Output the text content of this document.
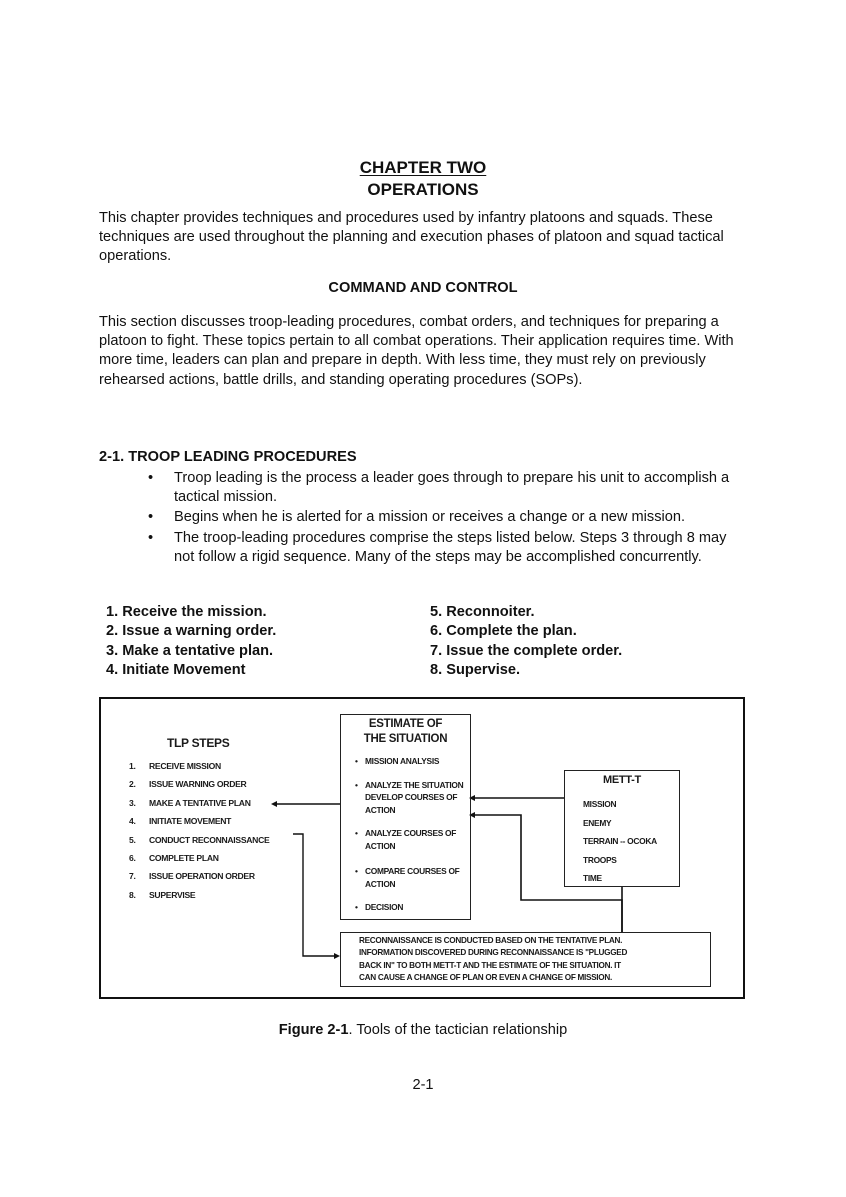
CHAPTER TWO
OPERATIONS
This chapter provides techniques and procedures used by infantry platoons and squads. These techniques are used throughout the planning and execution phases of platoon and squad tactical operations.
COMMAND AND CONTROL
This section discusses troop-leading procedures, combat orders, and techniques for preparing a platoon to fight. These topics pertain to all combat operations. Their application requires time. With more time, leaders can plan and prepare in depth. With less time, they must rely on previously rehearsed actions, battle drills, and standing operating procedures (SOPs).
2-1. TROOP LEADING PROCEDURES
• Troop leading is the process a leader goes through to prepare his unit to accomplish a tactical mission.
• Begins when he is alerted for a mission or receives a change or a new mission.
• The troop-leading procedures comprise the steps listed below. Steps 3 through 8 may not follow a rigid sequence. Many of the steps may be accomplished concurrently.
1. Receive the mission.
2. Issue a warning order.
3. Make a tentative plan.
4. Initiate Movement
5. Reconnoiter.
6. Complete the plan.
7. Issue the complete order.
8. Supervise.
TLP STEPS
1. RECEIVE MISSION
2. ISSUE WARNING ORDER
3. MAKE A TENTATIVE PLAN
4. INITIATE MOVEMENT
5. CONDUCT RECONNAISSANCE
6. COMPLETE PLAN
7. ISSUE OPERATION ORDER
8. SUPERVISE
ESTIMATE OF
THE SITUATION
• MISSION ANALYSIS
• ANALYZE THE SITUATION
DEVELOP COURSES OF
ACTION
• ANALYZE COURSES OF
ACTION
• COMPARE COURSES OF
ACTION
• DECISION
METT-T
MISSION
ENEMY
TERRAIN -- OCOKA
TROOPS
TIME
RECONNAISSANCE IS CONDUCTED BASED ON THE TENTATIVE PLAN.
INFORMATION DISCOVERED DURING RECONNAISSANCE IS "PLUGGED
BACK IN" TO BOTH METT-T AND THE ESTIMATE OF THE SITUATION. IT
CAN CAUSE A CHANGE OF PLAN OR EVEN A CHANGE OF MISSION.
Figure 2-1. Tools of the tactician relationship
2-1
